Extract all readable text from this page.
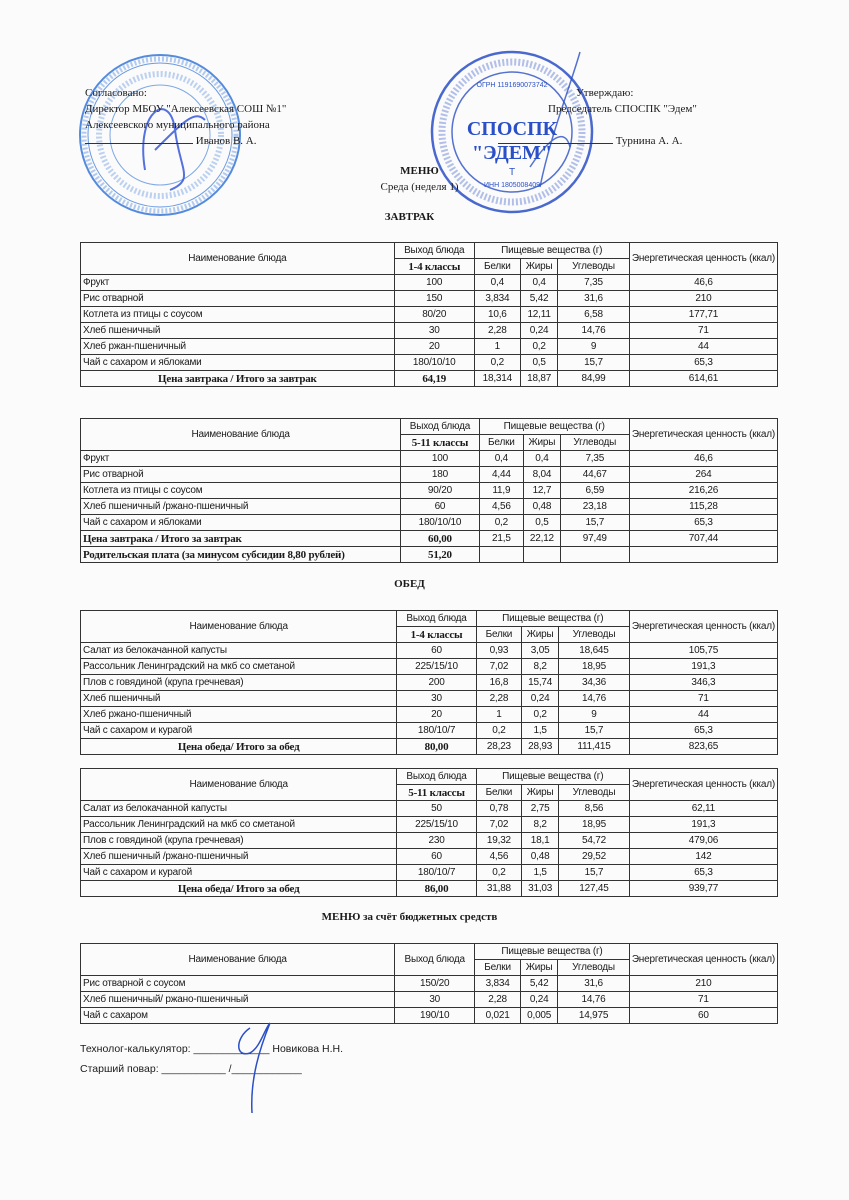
СПОСПК
"ЭДЕМ"
Т
ИНН 1805008409
ОГРН 1191690073742
Согласовано:
Директор МБОУ "Алексеевская СОШ №1"
Алексеевского муниципального района
Иванов В. А.
Утверждаю:
Председатель СПОСПК "Эдем"
Турнина А. А.
МЕНЮ
Среда (неделя 1)
ЗАВТРАК
Наименование блюда	Выход блюда	Пищевые вещества (г)			Энергетическая ценность (ккал)
	1-4 классы	Белки	Жиры	Углеводы	
Фрукт	100	0,4	0,4	7,35	46,6
Рис отварной	150	3,834	5,42	31,6	210
Котлета из птицы с соусом	80/20	10,6	12,11	6,58	177,71
Хлеб пшеничный	30	2,28	0,24	14,76	71
Хлеб ржан-пшеничный	20	1	0,2	9	44
Чай с сахаром и яблоками	180/10/10	0,2	0,5	15,7	65,3
Цена завтрака / Итого за завтрак	64,19	18,314	18,87	84,99	614,61
Наименование блюда	Выход блюда	Пищевые вещества (г)			Энергетическая ценность (ккал)
	5-11 классы	Белки	Жиры	Углеводы	
Фрукт	100	0,4	0,4	7,35	46,6
Рис отварной	180	4,44	8,04	44,67	264
Котлета из птицы с соусом	90/20	11,9	12,7	6,59	216,26
Хлеб пшеничный /ржано-пшеничный	60	4,56	0,48	23,18	115,28
Чай с сахаром и яблоками	180/10/10	0,2	0,5	15,7	65,3
Цена завтрака / Итого за завтрак	60,00	21,5	22,12	97,49	707,44
Родительская плата (за минусом субсидии 8,80 рублей)	51,20				
ОБЕД
Наименование блюда	Выход блюда	Пищевые вещества (г)			Энергетическая ценность (ккал)
	1-4 классы	Белки	Жиры	Углеводы	
Салат из белокачанной капусты	60	0,93	3,05	18,645	105,75
Рассольник Ленинградский на мкб со сметаной	225/15/10	7,02	8,2	18,95	191,3
Плов с говядиной (крупа гречневая)	200	16,8	15,74	34,36	346,3
Хлеб пшеничный	30	2,28	0,24	14,76	71
Хлеб ржано-пшеничный	20	1	0,2	9	44
Чай с сахаром и курагой	180/10/7	0,2	1,5	15,7	65,3
Цена обеда/ Итого за обед	80,00	28,23	28,93	111,415	823,65
Наименование блюда	Выход блюда	Пищевые вещества (г)			Энергетическая ценность (ккал)
	5-11 классы	Белки	Жиры	Углеводы	
Салат из белокачанной капусты	50	0,78	2,75	8,56	62,11
Рассольник Ленинградский на мкб со сметаной	225/15/10	7,02	8,2	18,95	191,3
Плов с говядиной (крупа гречневая)	230	19,32	18,1	54,72	479,06
Хлеб пшеничный /ржано-пшеничный	60	4,56	0,48	29,52	142
Чай с сахаром и курагой	180/10/7	0,2	1,5	15,7	65,3
Цена обеда/ Итого за обед	86,00	31,88	31,03	127,45	939,77
МЕНЮ за счёт бюджетных средств
Наименование блюда	Выход блюда	Пищевые вещества (г)			Энергетическая ценность (ккал)
		Белки	Жиры	Углеводы	
Рис отварной с соусом	150/20	3,834	5,42	31,6	210
Хлеб пшеничный/ ржано-пшеничный	30	2,28	0,24	14,76	71
Чай с сахаром	190/10	0,021	0,005	14,975	60
Технолог-калькулятор: _____________ Новикова Н.Н.
Старший повар: ___________ /____________
